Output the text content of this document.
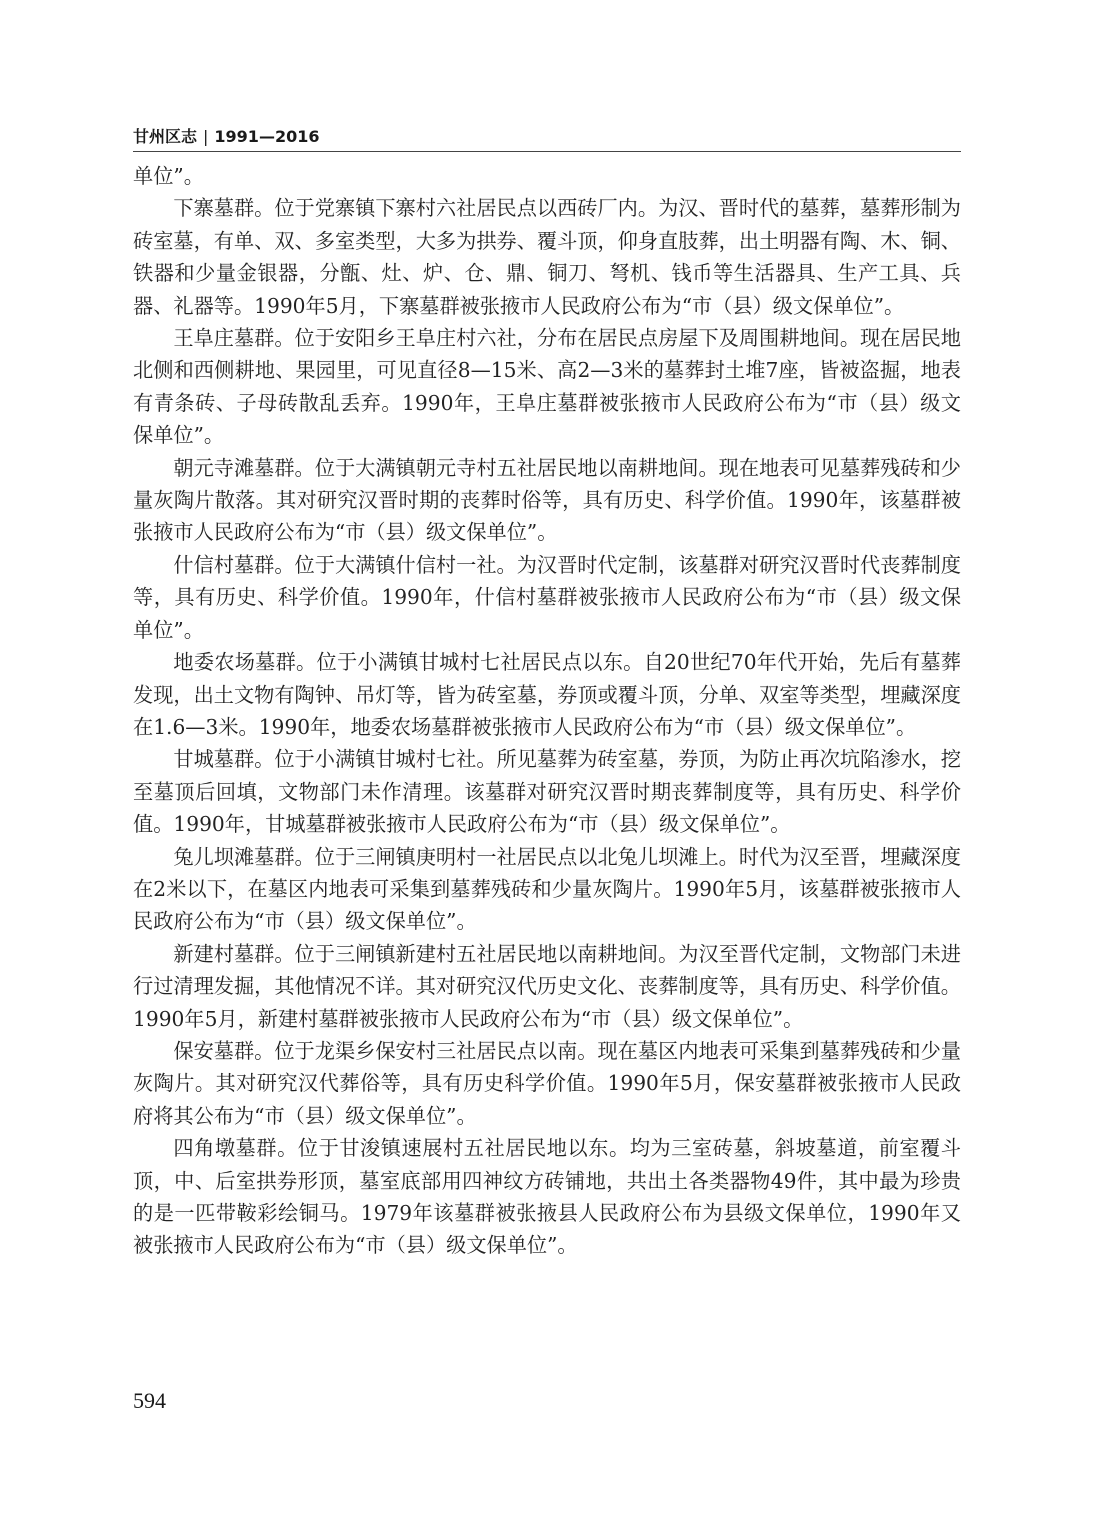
甘州区志 | 1991—2016

单位”。

下寨墓群。位于党寨镇下寨村六社居民点以西砖厂内。为汉、晋时代的墓葬，墓葬形制为砖室墓，有单、双、多室类型，大多为拱券、覆斗顶，仰身直肢葬，出土明器有陶、木、铜、铁器和少量金银器，分甑、灶、炉、仓、鼎、铜刀、弩机、钱币等生活器具、生产工具、兵器、礼器等。1990年5月，下寨墓群被张掖市人民政府公布为“市（县）级文保单位”。

王阜庄墓群。位于安阳乡王阜庄村六社，分布在居民点房屋下及周围耕地间。现在居民地北侧和西侧耕地、果园里，可见直径8—15米、高2—3米的墓葬封土堆7座，皆被盗掘，地表有青条砖、子母砖散乱丢弃。1990年，王阜庄墓群被张掖市人民政府公布为“市（县）级文保单位”。

朝元寺滩墓群。位于大满镇朝元寺村五社居民地以南耕地间。现在地表可见墓葬残砖和少量灰陶片散落。其对研究汉晋时期的丧葬时俗等，具有历史、科学价值。1990年，该墓群被张掖市人民政府公布为“市（县）级文保单位”。

什信村墓群。位于大满镇什信村一社。为汉晋时代定制，该墓群对研究汉晋时代丧葬制度等，具有历史、科学价值。1990年，什信村墓群被张掖市人民政府公布为“市（县）级文保单位”。

地委农场墓群。位于小满镇甘城村七社居民点以东。自20世纪70年代开始，先后有墓葬发现，出土文物有陶钟、吊灯等，皆为砖室墓，券顶或覆斗顶，分单、双室等类型，埋藏深度在1.6—3米。1990年，地委农场墓群被张掖市人民政府公布为“市（县）级文保单位”。

甘城墓群。位于小满镇甘城村七社。所见墓葬为砖室墓，券顶，为防止再次坑陷渗水，挖至墓顶后回填，文物部门未作清理。该墓群对研究汉晋时期丧葬制度等，具有历史、科学价值。1990年，甘城墓群被张掖市人民政府公布为“市（县）级文保单位”。

兔儿坝滩墓群。位于三闸镇庚明村一社居民点以北兔儿坝滩上。时代为汉至晋，埋藏深度在2米以下，在墓区内地表可采集到墓葬残砖和少量灰陶片。1990年5月，该墓群被张掖市人民政府公布为“市（县）级文保单位”。

新建村墓群。位于三闸镇新建村五社居民地以南耕地间。为汉至晋代定制，文物部门未进行过清理发掘，其他情况不详。其对研究汉代历史文化、丧葬制度等，具有历史、科学价值。1990年5月，新建村墓群被张掖市人民政府公布为“市（县）级文保单位”。

保安墓群。位于龙渠乡保安村三社居民点以南。现在墓区内地表可采集到墓葬残砖和少量灰陶片。其对研究汉代葬俗等，具有历史科学价值。1990年5月，保安墓群被张掖市人民政府将其公布为“市（县）级文保单位”。

四角墩墓群。位于甘浚镇速展村五社居民地以东。均为三室砖墓，斜坡墓道，前室覆斗顶，中、后室拱券形顶，墓室底部用四神纹方砖铺地，共出土各类器物49件，其中最为珍贵的是一匹带鞍彩绘铜马。1979年该墓群被张掖县人民政府公布为县级文保单位，1990年又被张掖市人民政府公布为“市（县）级文保单位”。

594
